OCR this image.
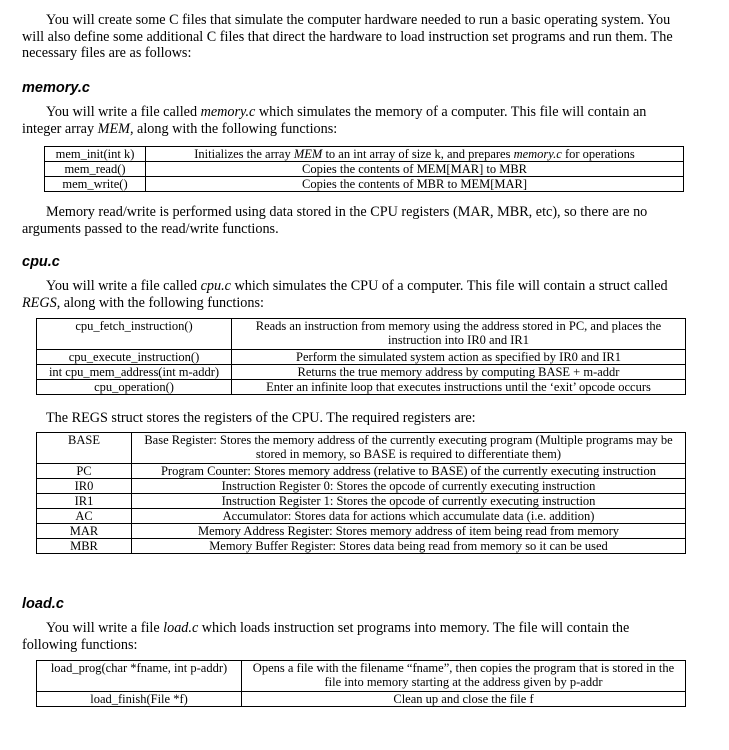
You will create some C files that simulate the computer hardware needed to run a basic operating system. You will also define some additional C files that direct the hardware to load instruction set programs and run them. The necessary files are as follows:

memory.c

You will write a file called memory.c which simulates the memory of a computer. This file will contain an integer array MEM, along with the following functions:

mem_init(int k)	Initializes the array MEM to an int array of size k, and prepares memory.c for operations
mem_read()	Copies the contents of MEM[MAR] to MBR
mem_write()	Copies the contents of MBR to MEM[MAR]

Memory read/write is performed using data stored in the CPU registers (MAR, MBR, etc), so there are no arguments passed to the read/write functions.

cpu.c

You will write a file called cpu.c which simulates the CPU of a computer. This file will contain a struct called REGS, along with the following functions:

cpu_fetch_instruction()	Reads an instruction from memory using the address stored in PC, and places the instruction into IR0 and IR1
cpu_execute_instruction()	Perform the simulated system action as specified by IR0 and IR1
int cpu_mem_address(int m-addr)	Returns the true memory address by computing BASE + m-addr
cpu_operation()	Enter an infinite loop that executes instructions until the ‘exit’ opcode occurs

The REGS struct stores the registers of the CPU. The required registers are:

BASE	Base Register: Stores the memory address of the currently executing program (Multiple programs may be stored in memory, so BASE is required to differentiate them)
PC	Program Counter: Stores memory address (relative to BASE) of the currently executing instruction
IR0	Instruction Register 0: Stores the opcode of currently executing instruction
IR1	Instruction Register 1: Stores the opcode of currently executing instruction
AC	Accumulator: Stores data for actions which accumulate data (i.e. addition)
MAR	Memory Address Register: Stores memory address of item being read from memory
MBR	Memory Buffer Register: Stores data being read from memory so it can be used
load.c

You will write a file load.c which loads instruction set programs into memory. The file will contain the following functions:

load_prog(char *fname, int p-addr)	Opens a file with the filename “fname”, then copies the program that is stored in the file into memory starting at the address given by p-addr
load_finish(File *f)	Clean up and close the file f
